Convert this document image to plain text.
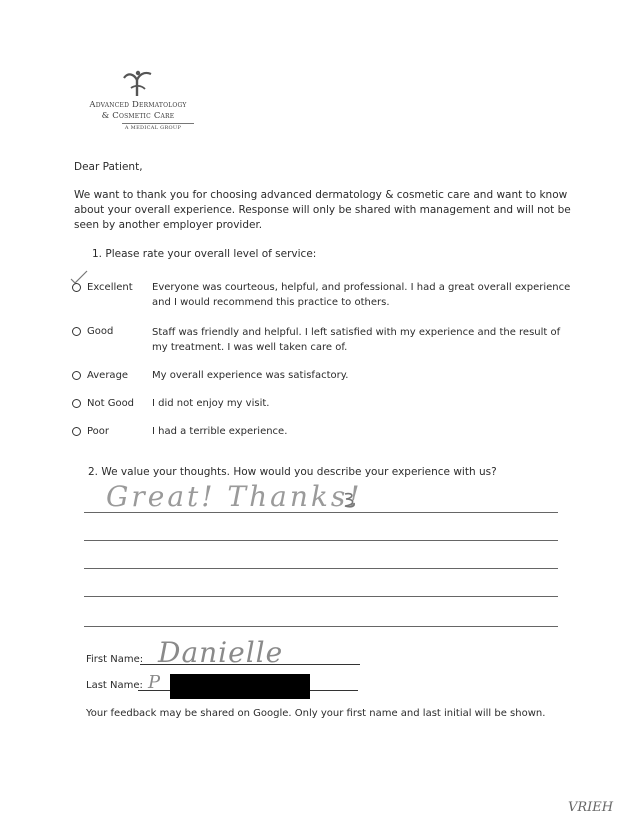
Advanced Dermatology
& Cosmetic Care
A MEDICAL GROUP
Dear Patient,
We want to thank you for choosing advanced dermatology & cosmetic care and want to know about your overall experience. Response will only be shared with management and will not be seen by another employer provider.
1. Please rate your overall level of service:
Excellent Everyone was courteous, helpful, and professional. I had a great overall experience and I would recommend this practice to others.
Good	Staff was friendly and helpful. I left satisfied with my experience and the result of my treatment. I was well taken care of.
Average My overall experience was satisfactory.
Not Good I did not enjoy my visit.
Poor	I had a terrible experience.
2. We value your thoughts. How would you describe your experience with us?
Great! Thanks!
First Name: Danielle
Last Name: P
Your feedback may be shared on Google. Only your first name and last initial will be shown.
VRIEH
